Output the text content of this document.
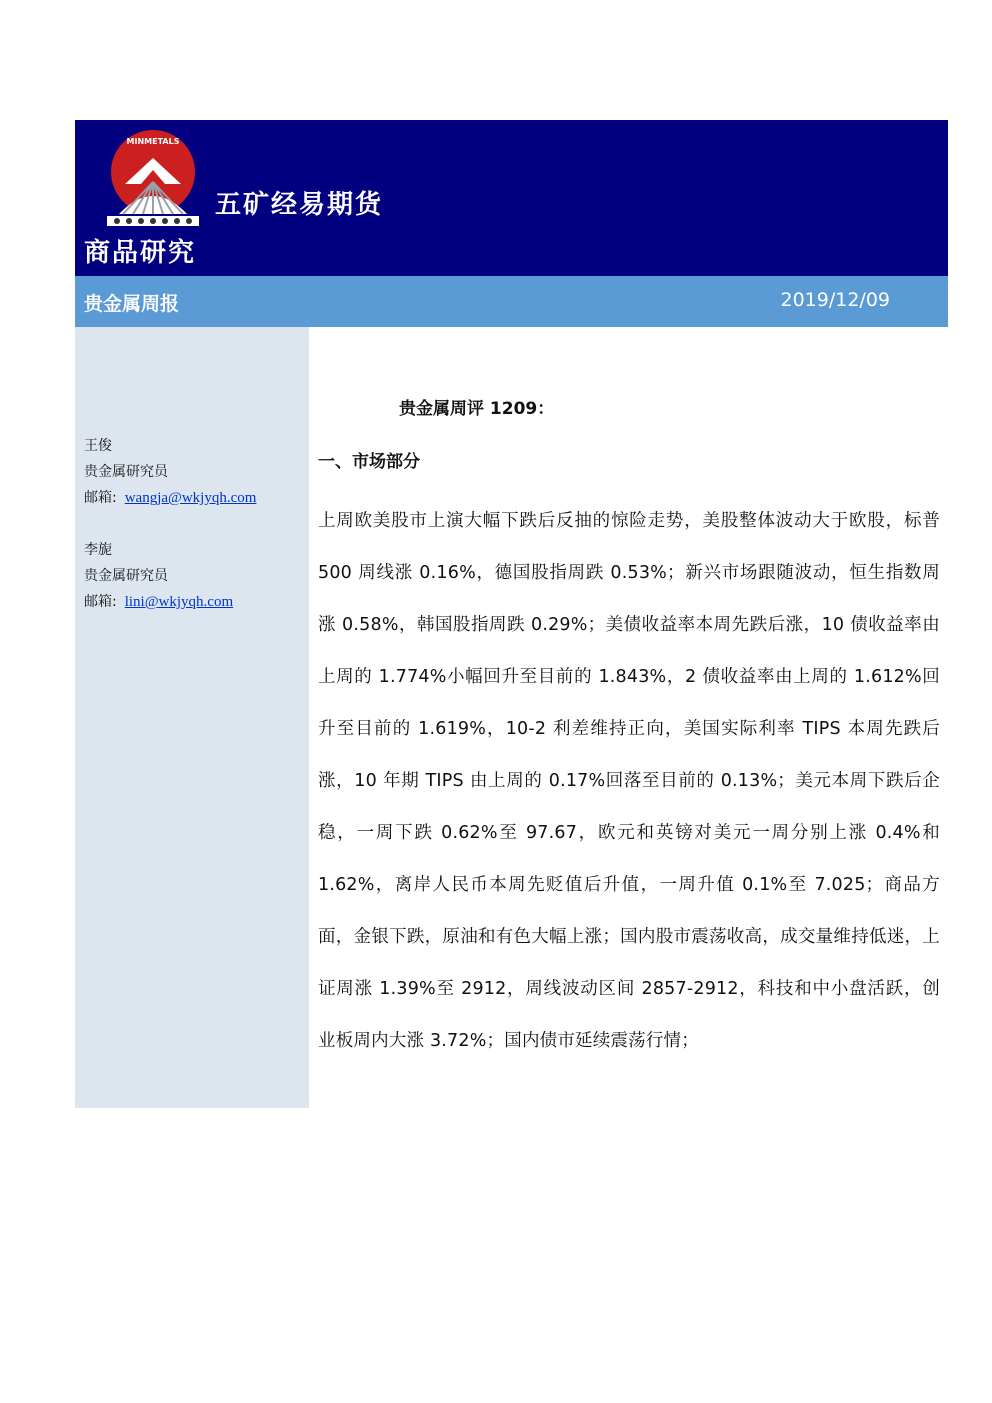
MINMETALS
五矿经易期货
商品研究
贵金属周报	2019/12/09
王俊
贵金属研究员
邮箱: wangja@wkjyqh.com
李旎
贵金属研究员
邮箱: lini@wkjyqh.com
贵金属周评 1209：
一、市场部分

上周欧美股市上演大幅下跌后反抽的惊险走势，美股整体波动大于欧股，标普 500 周线涨 0.16%，德国股指周跌 0.53%；新兴市场跟随波动，恒生指数周涨 0.58%，韩国股指周跌 0.29%；美债收益率本周先跌后涨，10 债收益率由上周的 1.774%小幅回升至目前的 1.843%，2 债收益率由上周的 1.612%回升至目前的 1.619%，10-2 利差维持正向，美国实际利率 TIPS 本周先跌后涨，10 年期 TIPS 由上周的 0.17%回落至目前的 0.13%；美元本周下跌后企稳，一周下跌 0.62%至 97.67，欧元和英镑对美元一周分别上涨 0.4%和 1.62%，离岸人民币本周先贬值后升值，一周升值 0.1%至 7.025；商品方面，金银下跌，原油和有色大幅上涨；国内股市震荡收高，成交量维持低迷，上证周涨 1.39%至 2912，周线波动区间 2857-2912，科技和中小盘活跃，创业板周内大涨 3.72%；国内债市延续震荡行情；
